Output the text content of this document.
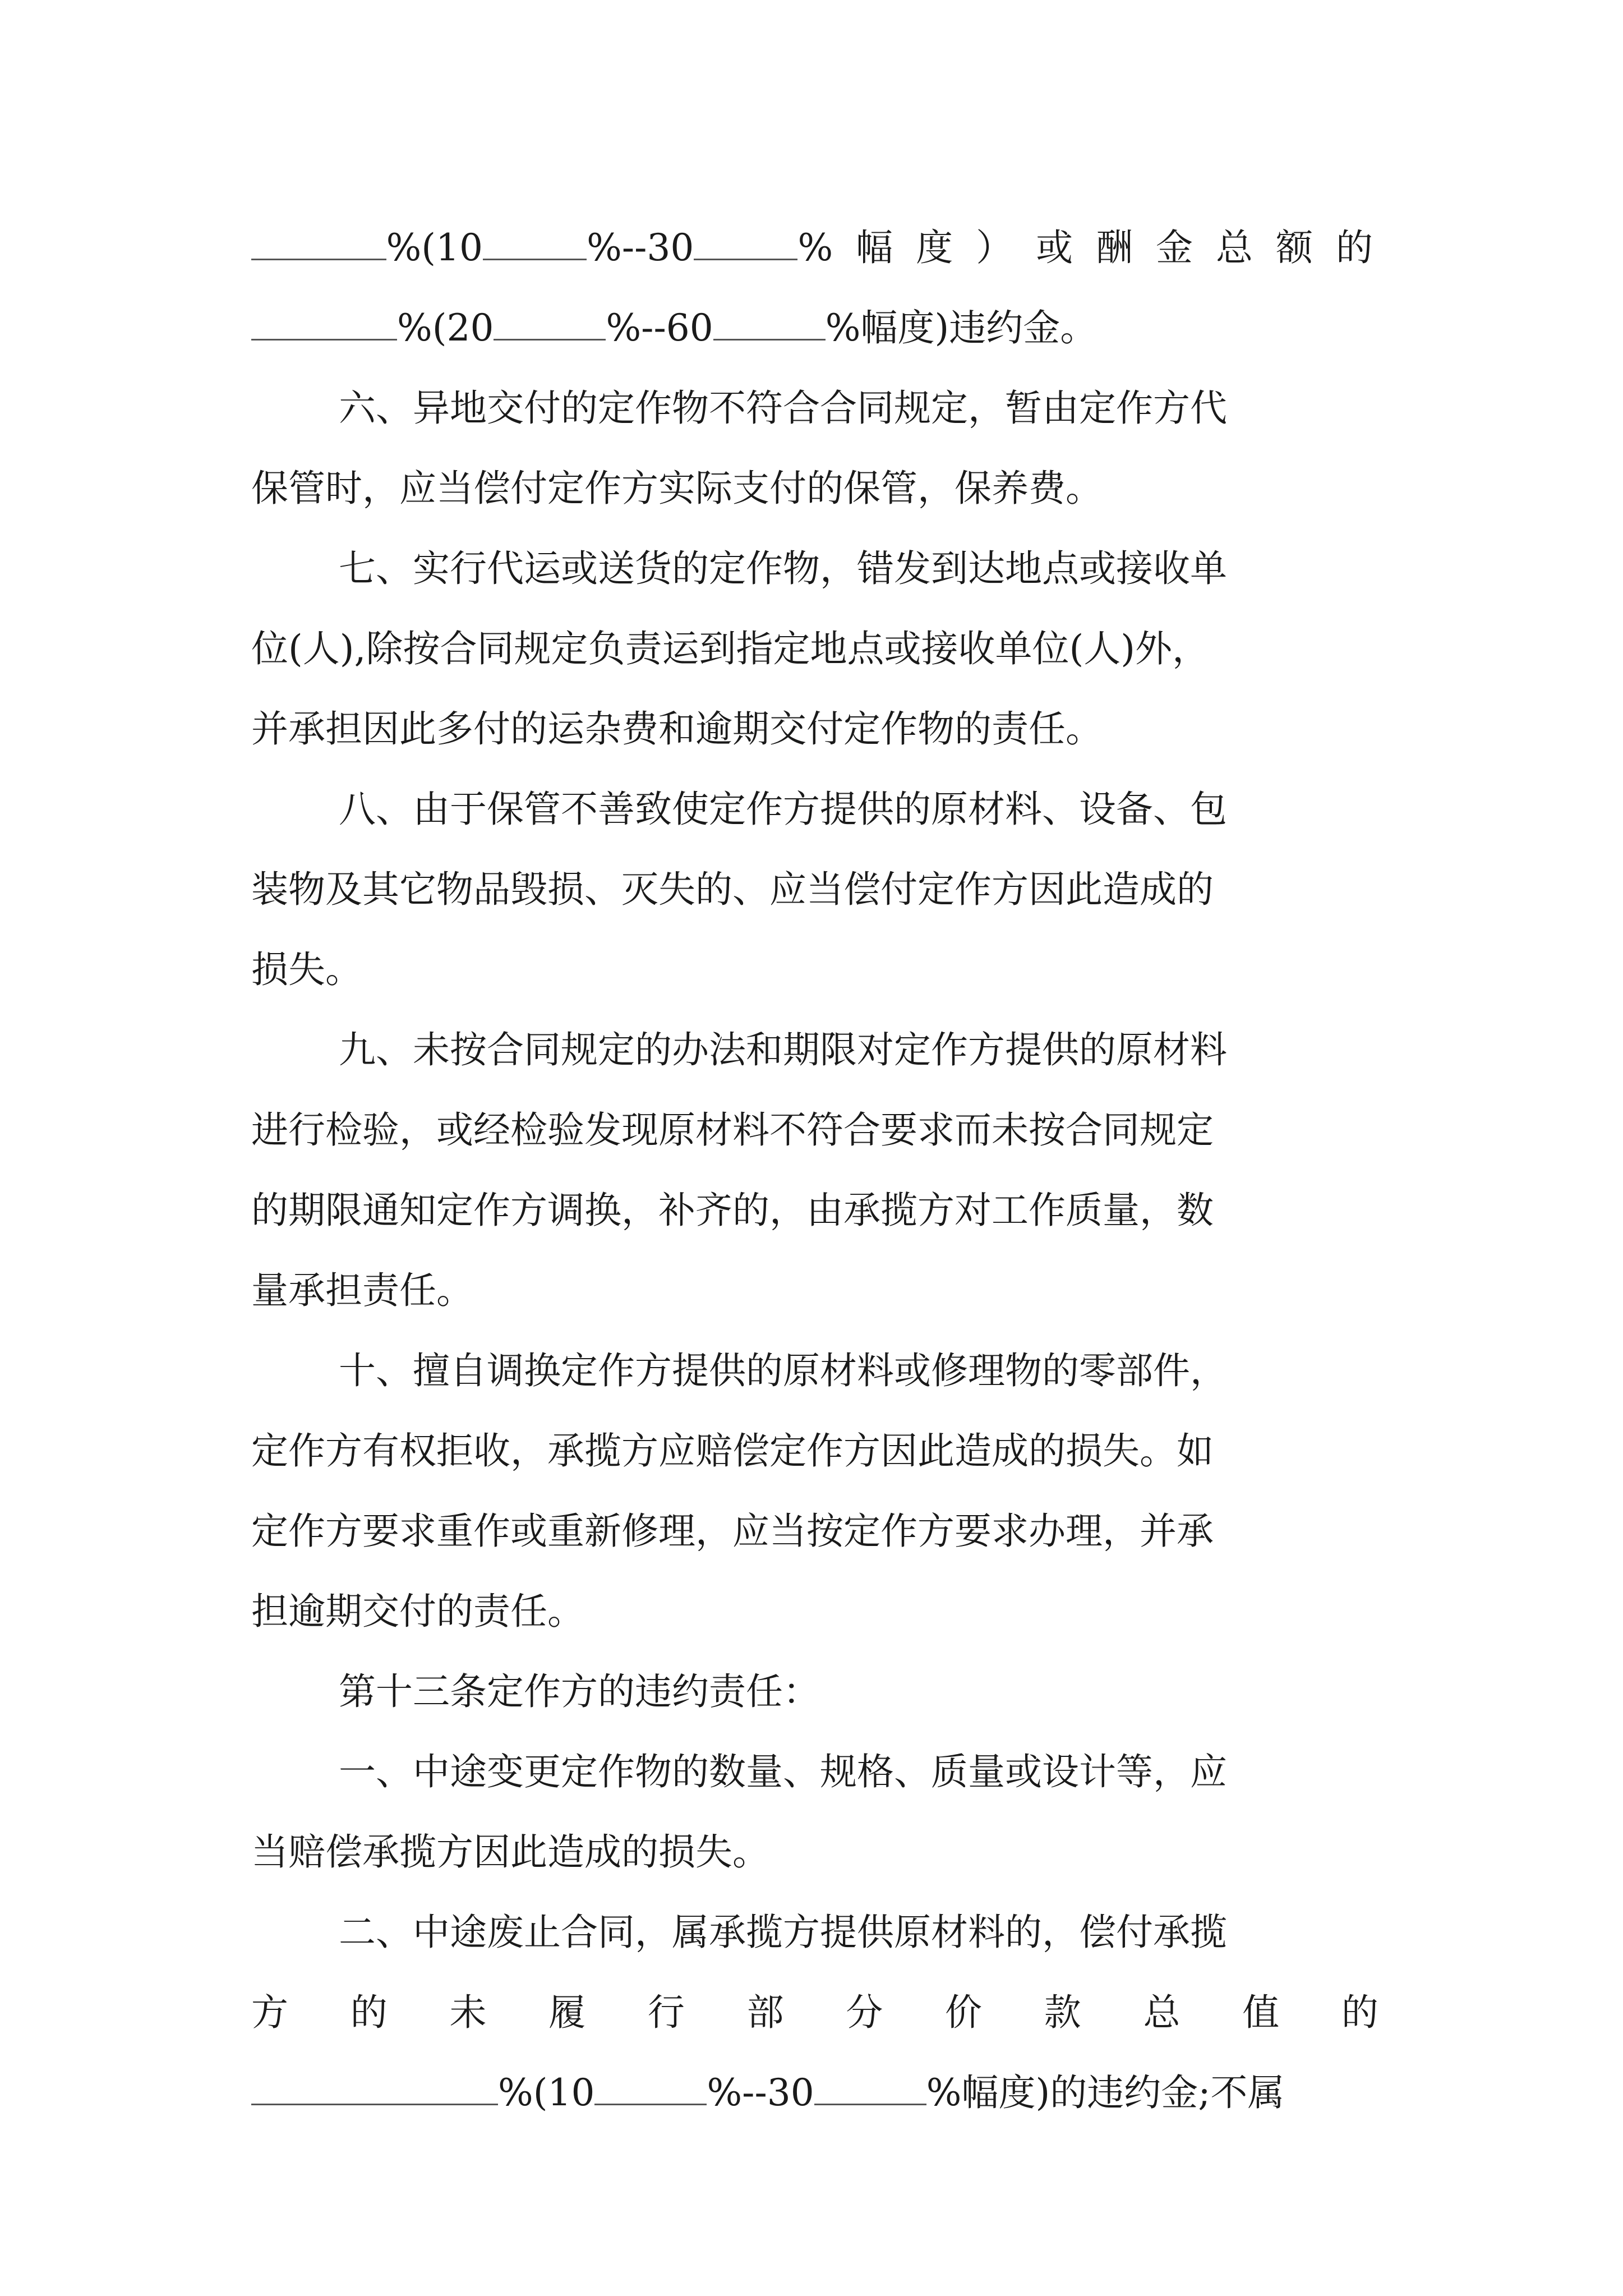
%(10	%--30	% 幅 度 ） 或 酬 金 总 额 的
%(20	%--60	%幅度)违约金。
六、异地交付的定作物不符合合同规定，暂由定作方代
保管时，应当偿付定作方实际支付的保管，保养费。
七、实行代运或送货的定作物，错发到达地点或接收单
位(人),除按合同规定负责运到指定地点或接收单位(人)外，
并承担因此多付的运杂费和逾期交付定作物的责任。
八、由于保管不善致使定作方提供的原材料、设备、包
装物及其它物品毁损、灭失的、应当偿付定作方因此造成的
损失。
九、未按合同规定的办法和期限对定作方提供的原材料
进行检验，或经检验发现原材料不符合要求而未按合同规定
的期限通知定作方调换，补齐的，由承揽方对工作质量，数
量承担责任。
十、擅自调换定作方提供的原材料或修理物的零部件，
定作方有权拒收，承揽方应赔偿定作方因此造成的损失。如
定作方要求重作或重新修理，应当按定作方要求办理，并承
担逾期交付的责任。
第十三条定作方的违约责任：
一、中途变更定作物的数量、规格、质量或设计等，应
当赔偿承揽方因此造成的损失。
二、中途废止合同，属承揽方提供原材料的，偿付承揽
方 的 未 履 行 部 分 价 款 总 值 的
%(10	%--30	%幅度)的违约金;不属
